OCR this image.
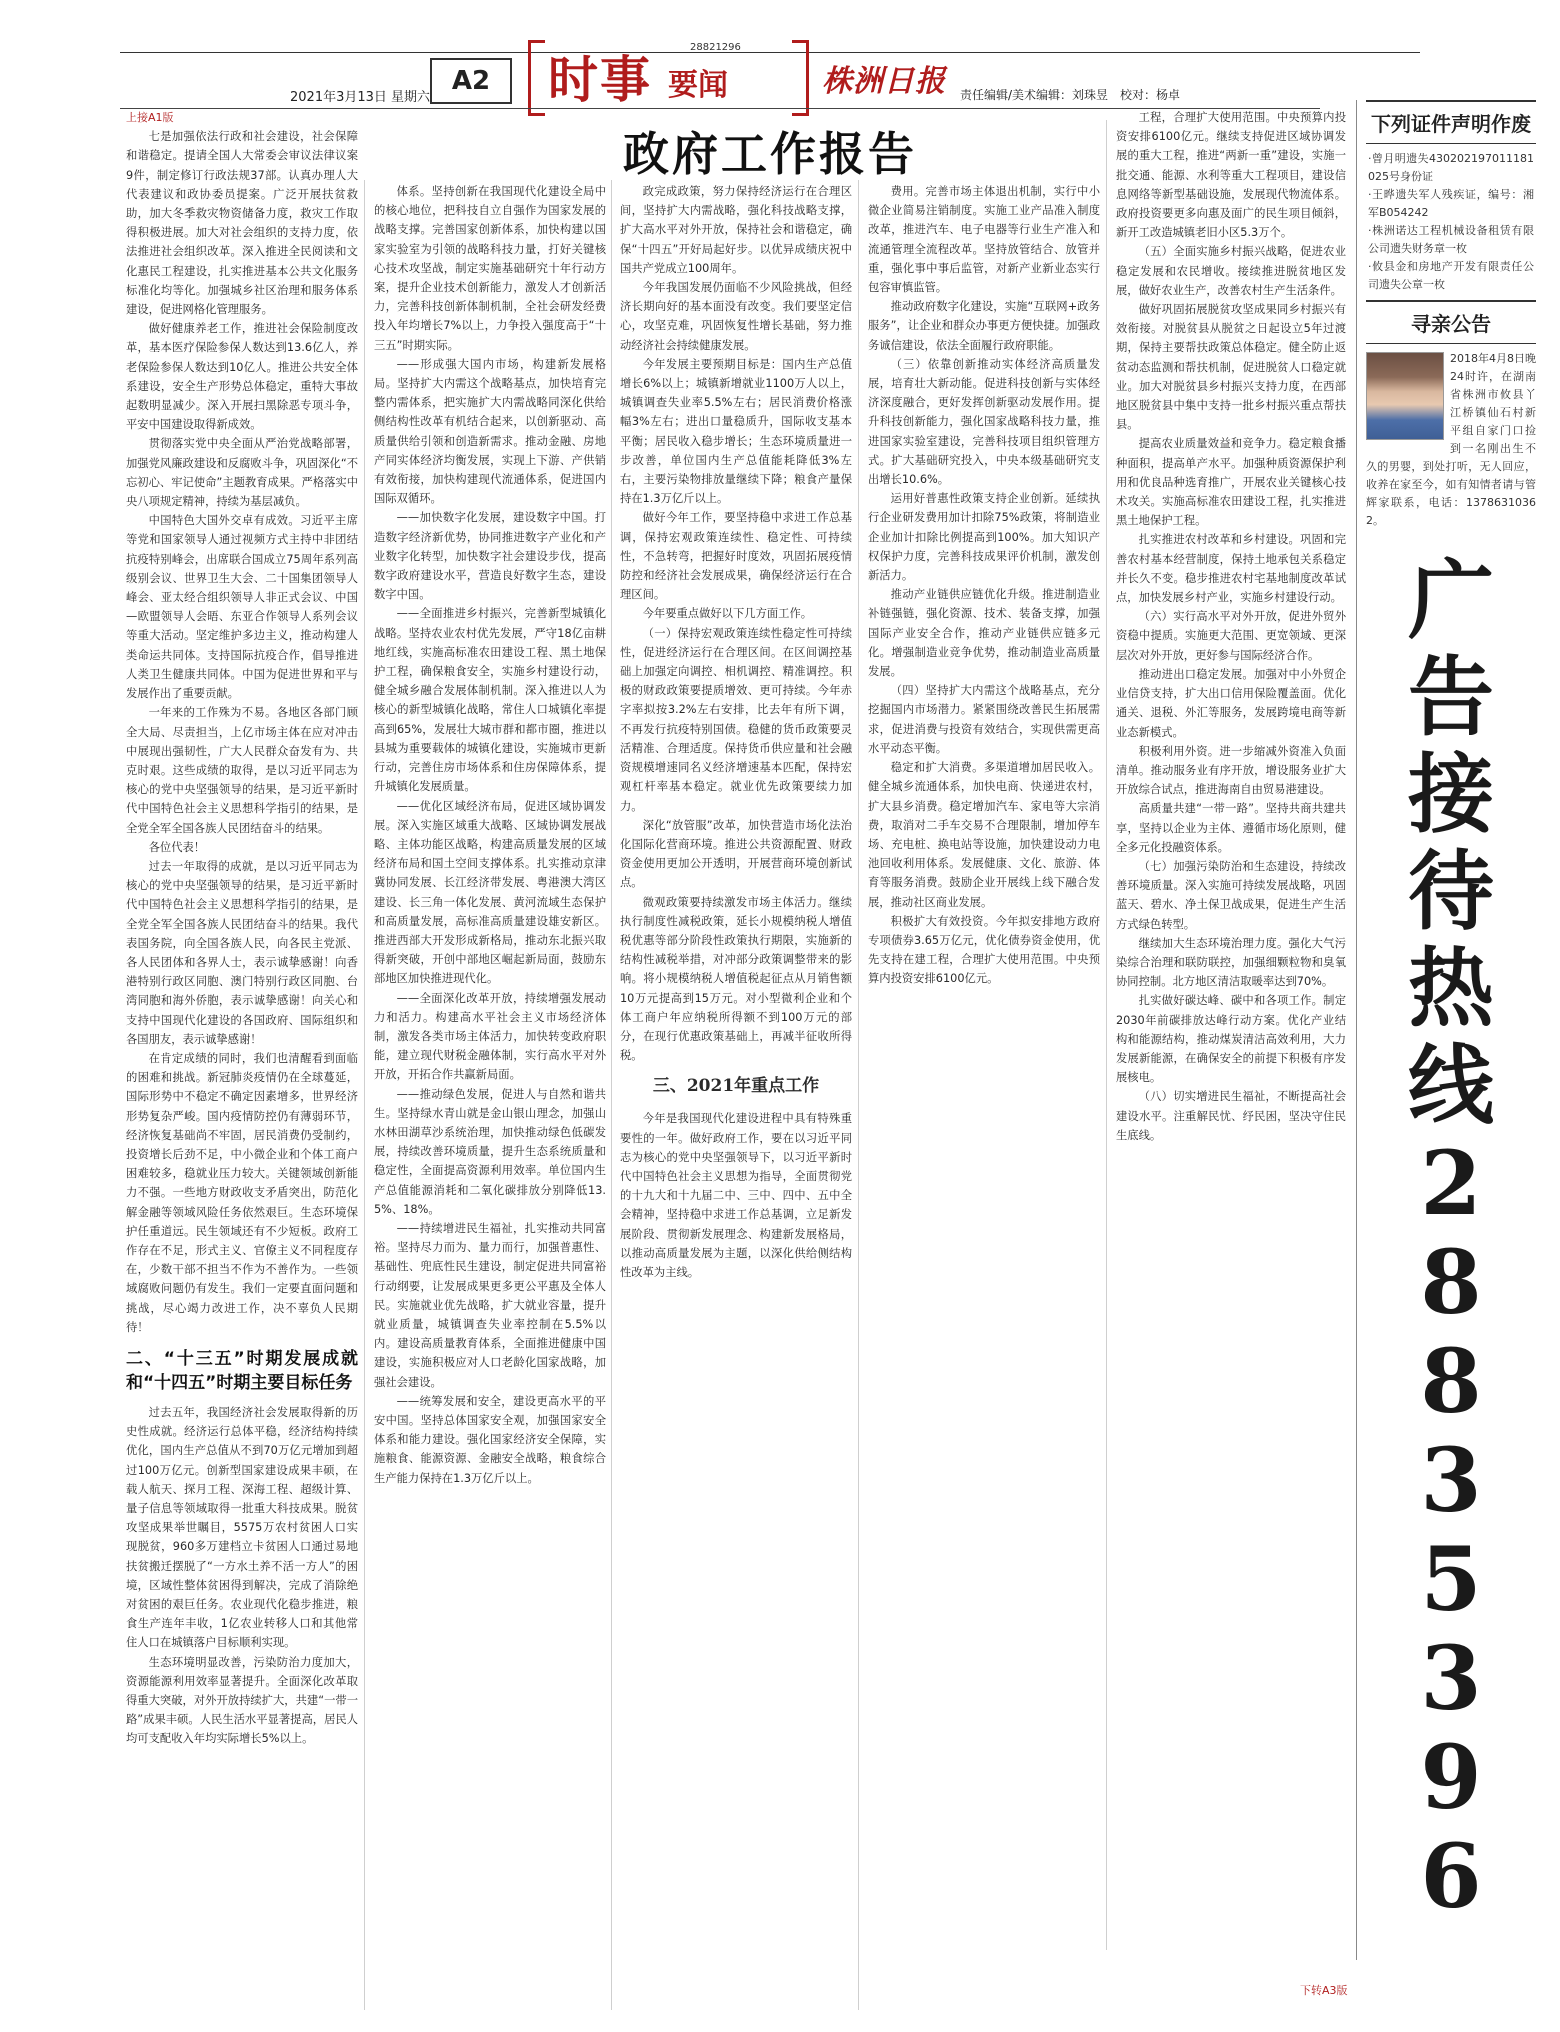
A2
2021年3月13日 星期六 时事 要闻
28821296
株洲日报 责任编辑/美术编辑：刘珠昱　校对：杨卓
政府工作报告

上接A1版

七是加强依法行政和社会建设，社会保障和谐稳定。提请全国人大常委会审议法律议案9件，制定修订行政法规37部。认真办理人大代表建议和政协委员提案。广泛开展扶贫救助，加大冬季救灾物资储备力度，救灾工作取得积极进展。加大对社会组织的支持力度，依法推进社会组织改革。深入推进全民阅读和文化惠民工程建设，扎实推进基本公共文化服务标准化均等化。加强城乡社区治理和服务体系建设，促进网格化管理服务。

做好健康养老工作，推进社会保险制度改革，基本医疗保险参保人数达到13.6亿人，养老保险参保人数达到10亿人。推进公共安全体系建设，安全生产形势总体稳定，重特大事故起数明显减少。深入开展扫黑除恶专项斗争，平安中国建设取得新成效。

贯彻落实党中央全面从严治党战略部署，加强党风廉政建设和反腐败斗争，巩固深化“不忘初心、牢记使命”主题教育成果。严格落实中央八项规定精神，持续为基层减负。

中国特色大国外交卓有成效。习近平主席等党和国家领导人通过视频方式主持中非团结抗疫特别峰会，出席联合国成立75周年系列高级别会议、世界卫生大会、二十国集团领导人峰会、亚太经合组织领导人非正式会议、中国—欧盟领导人会晤、东亚合作领导人系列会议等重大活动。坚定维护多边主义，推动构建人类命运共同体。支持国际抗疫合作，倡导推进人类卫生健康共同体。中国为促进世界和平与发展作出了重要贡献。

一年来的工作殊为不易。各地区各部门顾全大局、尽责担当，上亿市场主体在应对冲击中展现出强韧性，广大人民群众奋发有为、共克时艰。这些成绩的取得，是以习近平同志为核心的党中央坚强领导的结果，是习近平新时代中国特色社会主义思想科学指引的结果，是全党全军全国各族人民团结奋斗的结果。

各位代表！

过去一年取得的成就，是以习近平同志为核心的党中央坚强领导的结果，是习近平新时代中国特色社会主义思想科学指引的结果，是全党全军全国各族人民团结奋斗的结果。我代表国务院，向全国各族人民，向各民主党派、各人民团体和各界人士，表示诚挚感谢！向香港特别行政区同胞、澳门特别行政区同胞、台湾同胞和海外侨胞，表示诚挚感谢！向关心和支持中国现代化建设的各国政府、国际组织和各国朋友，表示诚挚感谢！

在肯定成绩的同时，我们也清醒看到面临的困难和挑战。新冠肺炎疫情仍在全球蔓延，国际形势中不稳定不确定因素增多，世界经济形势复杂严峻。国内疫情防控仍有薄弱环节，经济恢复基础尚不牢固，居民消费仍受制约，投资增长后劲不足，中小微企业和个体工商户困难较多，稳就业压力较大。关键领域创新能力不强。一些地方财政收支矛盾突出，防范化解金融等领域风险任务依然艰巨。生态环境保护任重道远。民生领域还有不少短板。政府工作存在不足，形式主义、官僚主义不同程度存在，少数干部不担当不作为不善作为。一些领域腐败问题仍有发生。我们一定要直面问题和挑战，尽心竭力改进工作，决不辜负人民期待！

二、“十三五”时期发展成就和“十四五”时期主要目标任务

过去五年，我国经济社会发展取得新的历史性成就。经济运行总体平稳，经济结构持续优化，国内生产总值从不到70万亿元增加到超过100万亿元。创新型国家建设成果丰硕，在载人航天、探月工程、深海工程、超级计算、量子信息等领域取得一批重大科技成果。脱贫攻坚成果举世瞩目，5575万农村贫困人口实现脱贫，960多万建档立卡贫困人口通过易地扶贫搬迁摆脱了“一方水土养不活一方人”的困境，区域性整体贫困得到解决，完成了消除绝对贫困的艰巨任务。农业现代化稳步推进，粮食生产连年丰收，1亿农业转移人口和其他常住人口在城镇落户目标顺利实现。

生态环境明显改善，污染防治力度加大，资源能源利用效率显著提升。全面深化改革取得重大突破，对外开放持续扩大，共建“一带一路”成果丰硕。人民生活水平显著提高，居民人均可支配收入年均实际增长5%以上。

体系。坚持创新在我国现代化建设全局中的核心地位，把科技自立自强作为国家发展的战略支撑。完善国家创新体系，加快构建以国家实验室为引领的战略科技力量，打好关键核心技术攻坚战，制定实施基础研究十年行动方案，提升企业技术创新能力，激发人才创新活力，完善科技创新体制机制，全社会研发经费投入年均增长7%以上，力争投入强度高于“十三五”时期实际。

——形成强大国内市场，构建新发展格局。坚持扩大内需这个战略基点，加快培育完整内需体系，把实施扩大内需战略同深化供给侧结构性改革有机结合起来，以创新驱动、高质量供给引领和创造新需求。推动金融、房地产同实体经济均衡发展，实现上下游、产供销有效衔接，加快构建现代流通体系，促进国内国际双循环。

——加快数字化发展，建设数字中国。打造数字经济新优势，协同推进数字产业化和产业数字化转型，加快数字社会建设步伐，提高数字政府建设水平，营造良好数字生态，建设数字中国。

——全面推进乡村振兴，完善新型城镇化战略。坚持农业农村优先发展，严守18亿亩耕地红线，实施高标准农田建设工程、黑土地保护工程，确保粮食安全，实施乡村建设行动，健全城乡融合发展体制机制。深入推进以人为核心的新型城镇化战略，常住人口城镇化率提高到65%，发展壮大城市群和都市圈，推进以县城为重要载体的城镇化建设，实施城市更新行动，完善住房市场体系和住房保障体系，提升城镇化发展质量。

——优化区域经济布局，促进区域协调发展。深入实施区域重大战略、区域协调发展战略、主体功能区战略，构建高质量发展的区域经济布局和国土空间支撑体系。扎实推动京津冀协同发展、长江经济带发展、粤港澳大湾区建设、长三角一体化发展、黄河流域生态保护和高质量发展，高标准高质量建设雄安新区。推进西部大开发形成新格局，推动东北振兴取得新突破，开创中部地区崛起新局面，鼓励东部地区加快推进现代化。

——全面深化改革开放，持续增强发展动力和活力。构建高水平社会主义市场经济体制，激发各类市场主体活力，加快转变政府职能，建立现代财税金融体制，实行高水平对外开放，开拓合作共赢新局面。

——推动绿色发展，促进人与自然和谐共生。坚持绿水青山就是金山银山理念，加强山水林田湖草沙系统治理，加快推动绿色低碳发展，持续改善环境质量，提升生态系统质量和稳定性，全面提高资源利用效率。单位国内生产总值能源消耗和二氧化碳排放分别降低13.5%、18%。

——持续增进民生福祉，扎实推动共同富裕。坚持尽力而为、量力而行，加强普惠性、基础性、兜底性民生建设，制定促进共同富裕行动纲要，让发展成果更多更公平惠及全体人民。实施就业优先战略，扩大就业容量，提升就业质量，城镇调查失业率控制在5.5%以内。建设高质量教育体系，全面推进健康中国建设，实施积极应对人口老龄化国家战略，加强社会建设。

——统筹发展和安全，建设更高水平的平安中国。坚持总体国家安全观，加强国家安全体系和能力建设。强化国家经济安全保障，实施粮食、能源资源、金融安全战略，粮食综合生产能力保持在1.3万亿斤以上。

政完成政策，努力保持经济运行在合理区间，坚持扩大内需战略，强化科技战略支撑，扩大高水平对外开放，保持社会和谐稳定，确保“十四五”开好局起好步。以优异成绩庆祝中国共产党成立100周年。

今年我国发展仍面临不少风险挑战，但经济长期向好的基本面没有改变。我们要坚定信心，攻坚克难，巩固恢复性增长基础，努力推动经济社会持续健康发展。

今年发展主要预期目标是：国内生产总值增长6%以上；城镇新增就业1100万人以上，城镇调查失业率5.5%左右；居民消费价格涨幅3%左右；进出口量稳质升，国际收支基本平衡；居民收入稳步增长；生态环境质量进一步改善，单位国内生产总值能耗降低3%左右，主要污染物排放量继续下降；粮食产量保持在1.3万亿斤以上。

做好今年工作，要坚持稳中求进工作总基调，保持宏观政策连续性、稳定性、可持续性，不急转弯，把握好时度效，巩固拓展疫情防控和经济社会发展成果，确保经济运行在合理区间。

今年要重点做好以下几方面工作。

（一）保持宏观政策连续性稳定性可持续性，促进经济运行在合理区间。在区间调控基础上加强定向调控、相机调控、精准调控。积极的财政政策要提质增效、更可持续。今年赤字率拟按3.2%左右安排，比去年有所下调，不再发行抗疫特别国债。稳健的货币政策要灵活精准、合理适度。保持货币供应量和社会融资规模增速同名义经济增速基本匹配，保持宏观杠杆率基本稳定。就业优先政策要续力加力。

深化“放管服”改革，加快营造市场化法治化国际化营商环境。推进公共资源配置、财政资金使用更加公开透明，开展营商环境创新试点。

微观政策要持续激发市场主体活力。继续执行制度性减税政策，延长小规模纳税人增值税优惠等部分阶段性政策执行期限，实施新的结构性减税举措，对冲部分政策调整带来的影响。将小规模纳税人增值税起征点从月销售额10万元提高到15万元。对小型微利企业和个体工商户年应纳税所得额不到100万元的部分，在现行优惠政策基础上，再减半征收所得税。

三、2021年重点工作

今年是我国现代化建设进程中具有特殊重要性的一年。做好政府工作，要在以习近平同志为核心的党中央坚强领导下，以习近平新时代中国特色社会主义思想为指导，全面贯彻党的十九大和十九届二中、三中、四中、五中全会精神，坚持稳中求进工作总基调，立足新发展阶段、贯彻新发展理念、构建新发展格局，以推动高质量发展为主题，以深化供给侧结构性改革为主线。

费用。完善市场主体退出机制，实行中小微企业简易注销制度。实施工业产品准入制度改革，推进汽车、电子电器等行业生产准入和流通管理全流程改革。坚持放管结合、放管并重，强化事中事后监管，对新产业新业态实行包容审慎监管。

推动政府数字化建设，实施“互联网+政务服务”，让企业和群众办事更方便快捷。加强政务诚信建设，依法全面履行政府职能。

（三）依靠创新推动实体经济高质量发展，培育壮大新动能。促进科技创新与实体经济深度融合，更好发挥创新驱动发展作用。提升科技创新能力，强化国家战略科技力量，推进国家实验室建设，完善科技项目组织管理方式。扩大基础研究投入，中央本级基础研究支出增长10.6%。

运用好普惠性政策支持企业创新。延续执行企业研发费用加计扣除75%政策，将制造业企业加计扣除比例提高到100%。加大知识产权保护力度，完善科技成果评价机制，激发创新活力。

推动产业链供应链优化升级。推进制造业补链强链，强化资源、技术、装备支撑，加强国际产业安全合作，推动产业链供应链多元化。增强制造业竞争优势，推动制造业高质量发展。

（四）坚持扩大内需这个战略基点，充分挖掘国内市场潜力。紧紧围绕改善民生拓展需求，促进消费与投资有效结合，实现供需更高水平动态平衡。

稳定和扩大消费。多渠道增加居民收入。健全城乡流通体系，加快电商、快递进农村，扩大县乡消费。稳定增加汽车、家电等大宗消费，取消对二手车交易不合理限制，增加停车场、充电桩、换电站等设施，加快建设动力电池回收利用体系。发展健康、文化、旅游、体育等服务消费。鼓励企业开展线上线下融合发展，推动社区商业发展。

积极扩大有效投资。今年拟安排地方政府专项债券3.65万亿元，优化债券资金使用，优先支持在建工程，合理扩大使用范围。中央预算内投资安排6100亿元。

工程，合理扩大使用范围。中央预算内投资安排6100亿元。继续支持促进区域协调发展的重大工程，推进“两新一重”建设，实施一批交通、能源、水利等重大工程项目，建设信息网络等新型基础设施，发展现代物流体系。政府投资要更多向惠及面广的民生项目倾斜，新开工改造城镇老旧小区5.3万个。

（五）全面实施乡村振兴战略，促进农业稳定发展和农民增收。接续推进脱贫地区发展，做好农业生产，改善农村生产生活条件。

做好巩固拓展脱贫攻坚成果同乡村振兴有效衔接。对脱贫县从脱贫之日起设立5年过渡期，保持主要帮扶政策总体稳定。健全防止返贫动态监测和帮扶机制，促进脱贫人口稳定就业。加大对脱贫县乡村振兴支持力度，在西部地区脱贫县中集中支持一批乡村振兴重点帮扶县。

提高农业质量效益和竞争力。稳定粮食播种面积，提高单产水平。加强种质资源保护利用和优良品种选育推广，开展农业关键核心技术攻关。实施高标准农田建设工程，扎实推进黑土地保护工程。

扎实推进农村改革和乡村建设。巩固和完善农村基本经营制度，保持土地承包关系稳定并长久不变。稳步推进农村宅基地制度改革试点，加快发展乡村产业，实施乡村建设行动。

（六）实行高水平对外开放，促进外贸外资稳中提质。实施更大范围、更宽领域、更深层次对外开放，更好参与国际经济合作。

推动进出口稳定发展。加强对中小外贸企业信贷支持，扩大出口信用保险覆盖面。优化通关、退税、外汇等服务，发展跨境电商等新业态新模式。

积极利用外资。进一步缩减外资准入负面清单。推动服务业有序开放，增设服务业扩大开放综合试点，推进海南自由贸易港建设。

高质量共建“一带一路”。坚持共商共建共享，坚持以企业为主体、遵循市场化原则，健全多元化投融资体系。

（七）加强污染防治和生态建设，持续改善环境质量。深入实施可持续发展战略，巩固蓝天、碧水、净土保卫战成果，促进生产生活方式绿色转型。

继续加大生态环境治理力度。强化大气污染综合治理和联防联控，加强细颗粒物和臭氧协同控制。北方地区清洁取暖率达到70%。

扎实做好碳达峰、碳中和各项工作。制定2030年前碳排放达峰行动方案。优化产业结构和能源结构，推动煤炭清洁高效利用，大力发展新能源，在确保安全的前提下积极有序发展核电。

（八）切实增进民生福祉，不断提高社会建设水平。注重解民忧、纾民困，坚决守住民生底线。

下转A3版
下列证件声明作废

·曾月明遗失430202197011181025号身份证

·王晔遗失军人残疾证，编号：湘军B054242

·株洲诺达工程机械设备租赁有限公司遗失财务章一枚

·攸县金和房地产开发有限责任公司遗失公章一枚

寻亲公告
2018年4月8日晚24时许，在湖南省株洲市攸县丫江桥镇仙石村新平组自家门口捡到一名刚出生不久的男婴，到处打听，无人回应，收养在家至今，如有知情者请与管辉家联系，电话：13786310362。
广
告
接
待
热
线
2
8
8
3
5
3
9
6
